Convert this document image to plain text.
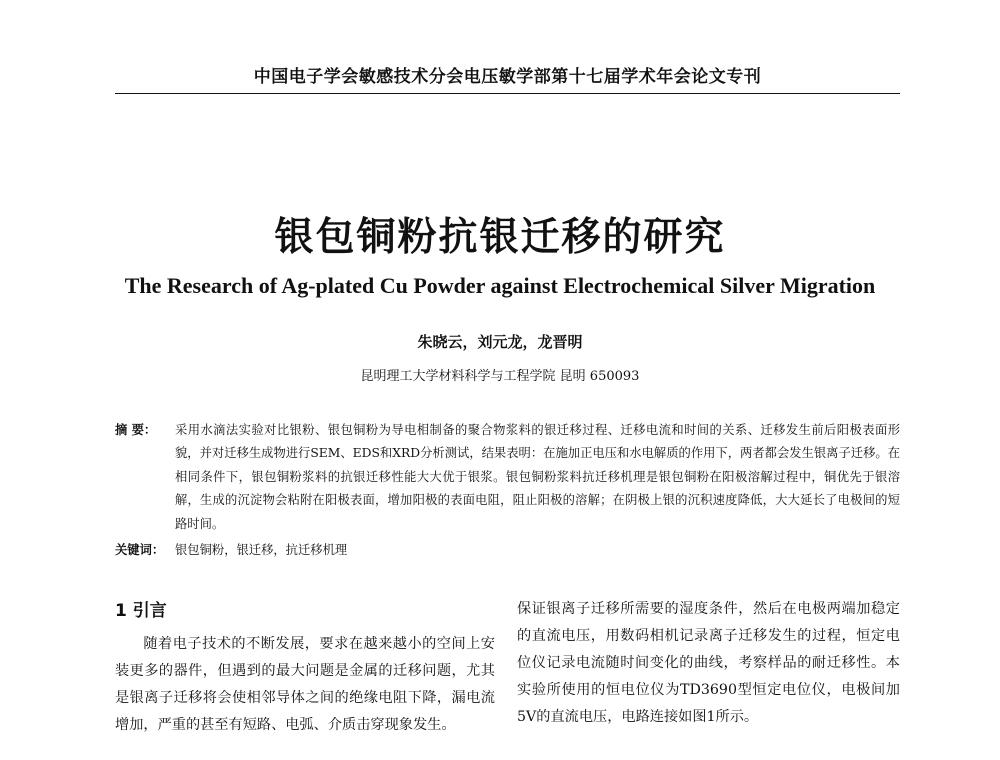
中国电子学会敏感技术分会电压敏学部第十七届学术年会论文专刊
银包铜粉抗银迁移的研究
The Research of Ag-plated Cu Powder against Electrochemical Silver Migration
朱晓云，刘元龙，龙晋明
昆明理工大学材料科学与工程学院 昆明 650093
摘 要： 采用水滴法实验对比银粉、银包铜粉为导电相制备的聚合物浆料的银迁移过程、迁移电流和时间的关系、迁移发生前后阳极表面形貌，并对迁移生成物进行SEM、EDS和XRD分析测试，结果表明：在施加正电压和水电解质的作用下，两者都会发生银离子迁移。在相同条件下，银包铜粉浆料的抗银迁移性能大大优于银浆。银包铜粉浆料抗迁移机理是银包铜粉在阳极溶解过程中，铜优先于银溶解，生成的沉淀物会粘附在阳极表面，增加阳极的表面电阻，阻止阳极的溶解；在阴极上银的沉积速度降低，大大延长了电极间的短路时间。
关键词： 银包铜粉，银迁移，抗迁移机理
1 引言

随着电子技术的不断发展，要求在越来越小的空间上安装更多的器件，但遇到的最大问题是金属的迁移问题，尤其是银离子迁移将会使相邻导体之间的绝缘电阻下降，漏电流增加，严重的甚至有短路、电弧、介质击穿现象发生。

保证银离子迁移所需要的湿度条件，然后在电极两端加稳定的直流电压，用数码相机记录离子迁移发生的过程，恒定电位仪记录电流随时间变化的曲线，考察样品的耐迁移性。本实验所使用的恒电位仪为TD3690型恒定电位仪，电极间加5V的直流电压，电路连接如图1所示。
